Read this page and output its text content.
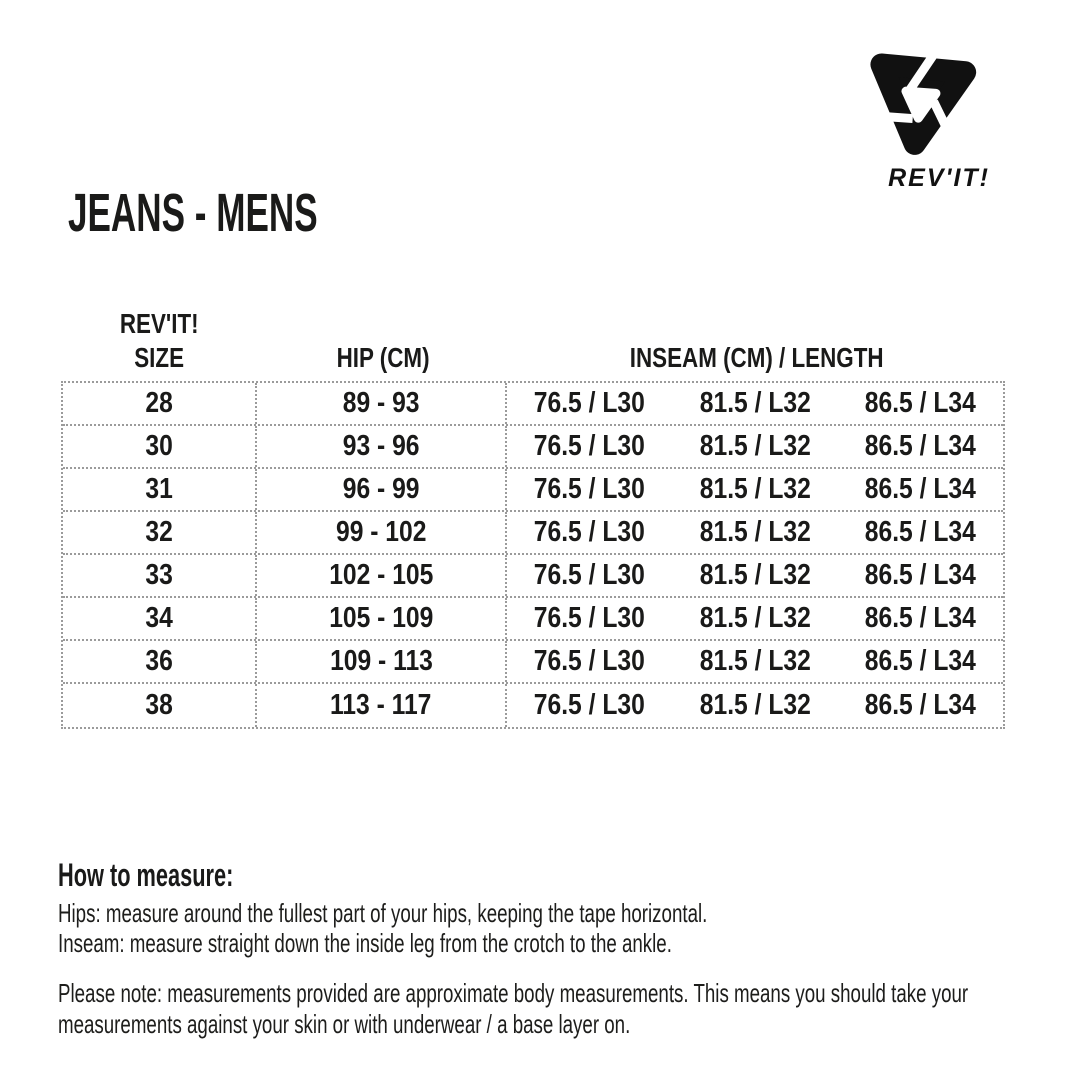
REV'IT!
JEANS - MENS
REV'IT!
SIZE	HIP (CM)	INSEAM (CM) / LENGTH
28	89 - 93	76.5 / L30 81.5 / L32 86.5 / L34
30	93 - 96	76.5 / L30 81.5 / L32 86.5 / L34
31	96 - 99	76.5 / L30 81.5 / L32 86.5 / L34
32	99 - 102	76.5 / L30 81.5 / L32 86.5 / L34
33	102 - 105	76.5 / L30 81.5 / L32 86.5 / L34
34	105 - 109	76.5 / L30 81.5 / L32 86.5 / L34
36	109 - 113	76.5 / L30 81.5 / L32 86.5 / L34
38	113 - 117	76.5 / L30 81.5 / L32 86.5 / L34
How to measure:
Hips: measure around the fullest part of your hips, keeping the tape horizontal.
Inseam: measure straight down the inside leg from the crotch to the ankle.
Please note: measurements provided are approximate body measurements. This means you should take your
measurements against your skin or with underwear / a base layer on.
